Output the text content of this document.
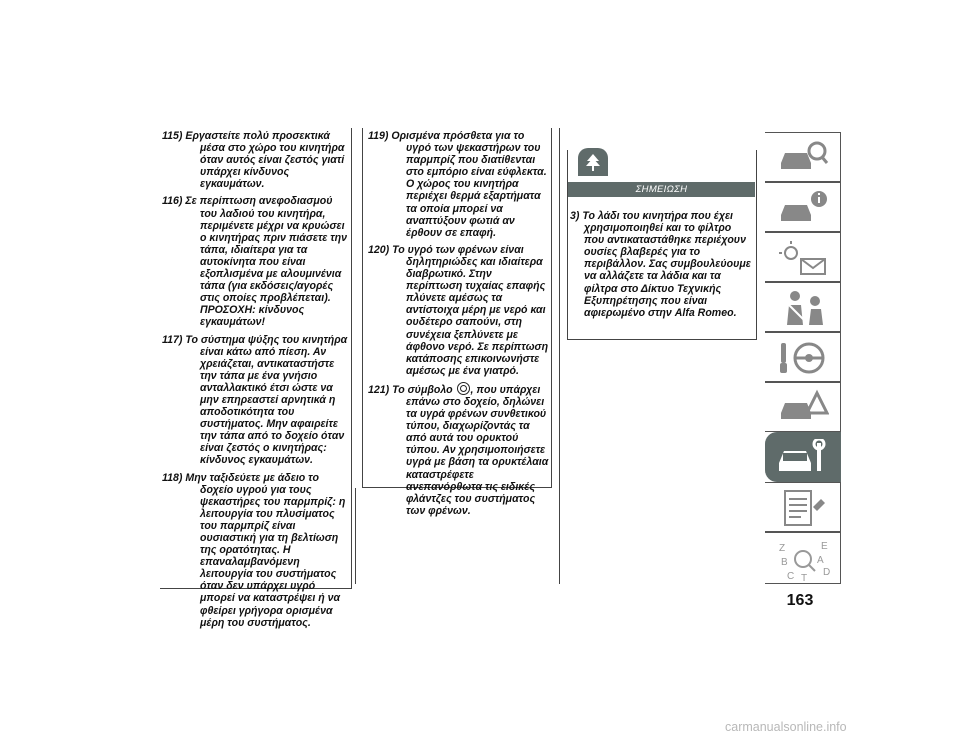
115) Εργαστείτε πολύ προσεκτικά μέσα στο χώρο του κινητήρα όταν αυτός είναι ζεστός γιατί υπάρχει κίνδυνος εγκαυμάτων.

116) Σε περίπτωση ανεφοδιασμού του λαδιού του κινητήρα, περιμένετε μέχρι να κρυώσει ο κινητήρας πριν πιάσετε την τάπα, ιδιαίτερα για τα αυτοκίνητα που είναι εξοπλισμένα με αλουμινένια τάπα (για εκδόσεις/αγορές στις οποίες προβλέπεται). ΠΡΟΣΟΧΗ: κίνδυνος εγκαυμάτων!

117) Το σύστημα ψύξης του κινητήρα είναι κάτω από πίεση. Αν χρειάζεται, αντικαταστήστε την τάπα με ένα γνήσιο ανταλλακτικό έτσι ώστε να μην επηρεαστεί αρνητικά η αποδοτικότητα του συστήματος. Μην αφαιρείτε την τάπα από το δοχείο όταν είναι ζεστός ο κινητήρας: κίνδυνος εγκαυμάτων.

118) Μην ταξιδεύετε με άδειο το δοχείο υγρού για τους ψεκαστήρες του παρμπρίζ: η λειτουργία του πλυσίματος του παρμπρίζ είναι ουσιαστική για τη βελτίωση της ορατότητας. Η επαναλαμβανόμενη λειτουργία του συστήματος όταν δεν υπάρχει υγρό μπορεί να καταστρέψει ή να φθείρει γρήγορα ορισμένα μέρη του συστήματος.

119) Ορισμένα πρόσθετα για το υγρό των ψεκαστήρων του παρμπρίζ που διατίθενται στο εμπόριο είναι εύφλεκτα. Ο χώρος του κινητήρα περιέχει θερμά εξαρτήματα τα οποία μπορεί να αναπτύξουν φωτιά αν έρθουν σε επαφή.

120) Το υγρό των φρένων είναι δηλητηριώδες και ιδιαίτερα διαβρωτικό. Στην περίπτωση τυχαίας επαφής πλύνετε αμέσως τα αντίστοιχα μέρη με νερό και ουδέτερο σαπούνι, στη συνέχεια ξεπλύνετε με άφθονο νερό. Σε περίπτωση κατάποσης επικοινωνήστε αμέσως με ένα γιατρό.

121) Το σύμβολο , που υπάρχει επάνω στο δοχείο, δηλώνει τα υγρά φρένων συνθετικού τύπου, διαχωρίζοντάς τα από αυτά του ορυκτού τύπου. Αν χρησιμοποιήσετε υγρά με βάση τα ορυκτέλαια καταστρέφετε ανεπανόρθωτα τις ειδικές φλάντζες του συστήματος των φρένων.

ΣΗΜΕΙΩΣΗ

3) Το λάδι του κινητήρα που έχει χρησιμοποιηθεί και το φίλτρο που αντικαταστάθηκε περιέχουν ουσίες βλαβερές για το περιβάλλον. Σας συμβουλεύουμε να αλλάζετε τα λάδια και τα φίλτρα στο Δίκτυο Τεχνικής Εξυπηρέτησης που είναι αφιερωμένο στην Alfa Romeo.

Z	E
B	A
C	D
T
163
carmanualsonline.info
